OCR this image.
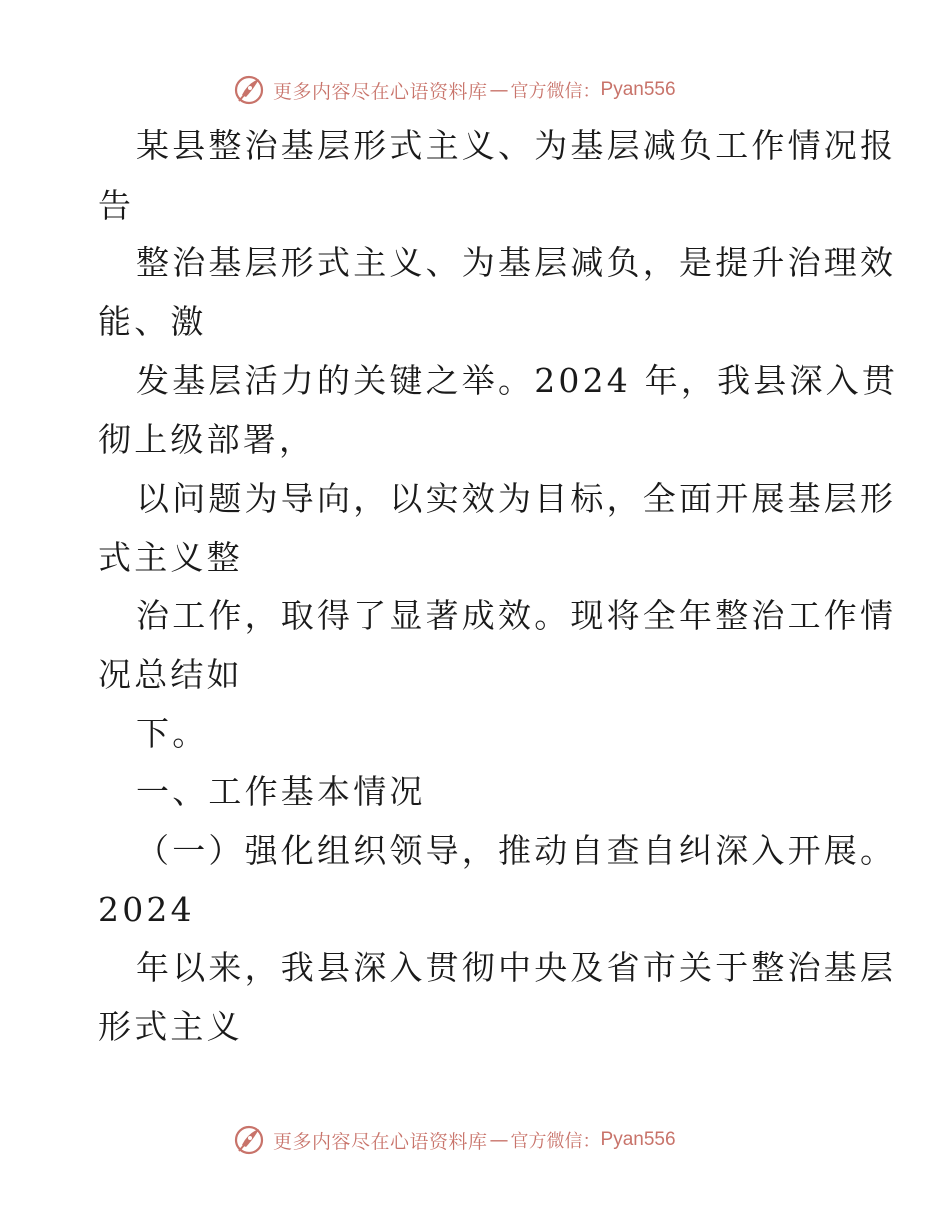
更多内容尽在心语资料库 — 官方微信： Pyan556
某县整治基层形式主义、为基层减负工作情况报
告
整治基层形式主义、为基层减负，是提升治理效
能、激
发基层活力的关键之举。2024 年，我县深入贯
彻上级部署，
以问题为导向，以实效为目标，全面开展基层形
式主义整
治工作，取得了显著成效。现将全年整治工作情
况总结如
下。
一、工作基本情况
（一）强化组织领导，推动自查自纠深入开展。
2024
年以来，我县深入贯彻中央及省市关于整治基层
形式主义
更多内容尽在心语资料库 — 官方微信： Pyan556
